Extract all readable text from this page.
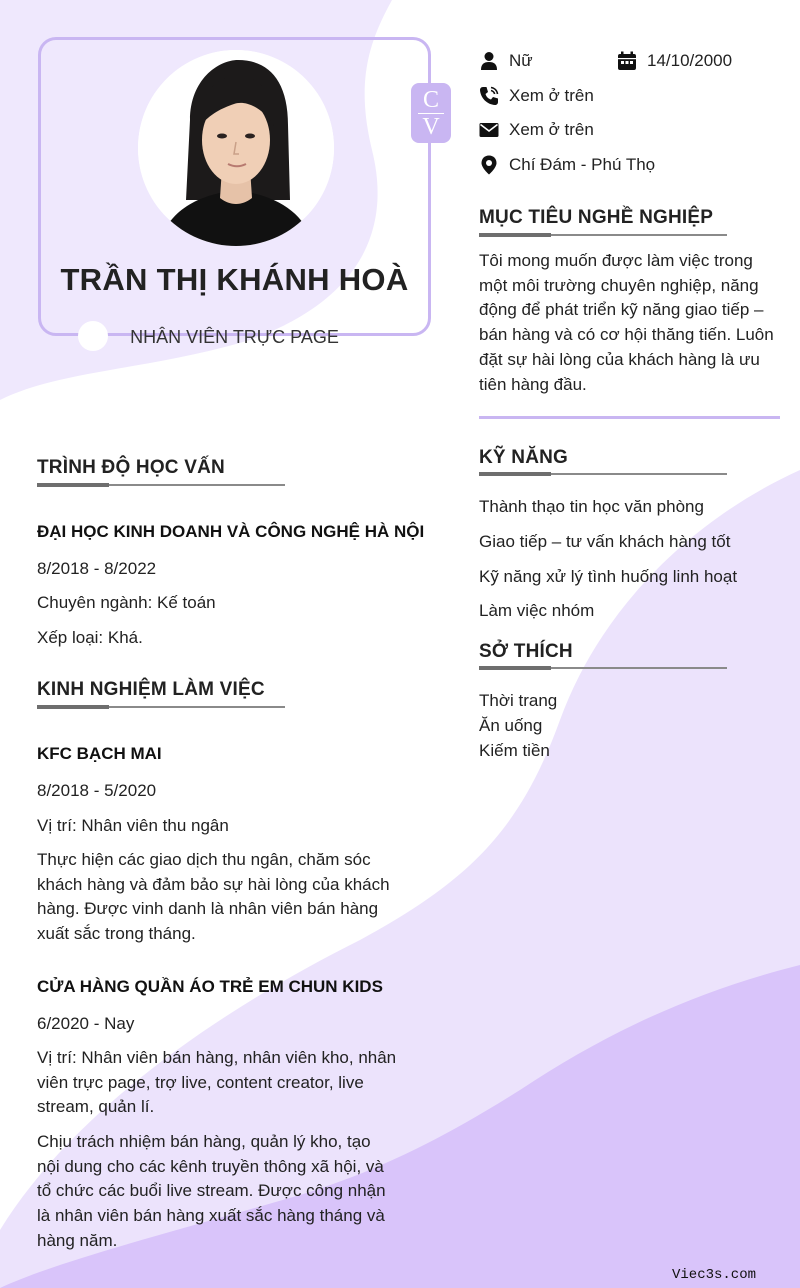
TRẦN THỊ KHÁNH HOÀ
NHÂN VIÊN TRỰC PAGE
C
V
Nữ	14/10/2000
Xem ở trên
Xem ở trên
Chí Đám - Phú Thọ
MỤC TIÊU NGHỀ NGHIỆP
Tôi mong muốn được làm việc trong
một môi trường chuyên nghiệp, năng
động để phát triển kỹ năng giao tiếp –
bán hàng và có cơ hội thăng tiến. Luôn
đặt sự hài lòng của khách hàng là ưu
tiên hàng đầu.
KỸ NĂNG
Thành thạo tin học văn phòng
Giao tiếp – tư vấn khách hàng tốt
Kỹ năng xử lý tình huống linh hoạt
Làm việc nhóm
SỞ THÍCH
Thời trang
Ăn uống
Kiếm tiền
TRÌNH ĐỘ HỌC VẤN
ĐẠI HỌC KINH DOANH VÀ CÔNG NGHỆ HÀ NỘI
8/2018 - 8/2022
Chuyên ngành: Kế toán
Xếp loại: Khá.
KINH NGHIỆM LÀM VIỆC
KFC BẠCH MAI
8/2018 - 5/2020
Vị trí: Nhân viên thu ngân
Thực hiện các giao dịch thu ngân, chăm sóc
khách hàng và đảm bảo sự hài lòng của khách
hàng. Được vinh danh là nhân viên bán hàng
xuất sắc trong tháng.
CỬA HÀNG QUẦN ÁO TRẺ EM CHUN KIDS
6/2020 - Nay
Vị trí: Nhân viên bán hàng, nhân viên kho, nhân
viên trực page, trợ live, content creator, live
stream, quản lí.
Chịu trách nhiệm bán hàng, quản lý kho, tạo
nội dung cho các kênh truyền thông xã hội, và
tổ chức các buổi live stream. Được công nhận
là nhân viên bán hàng xuất sắc hàng tháng và
hàng năm.
Viec3s.com
